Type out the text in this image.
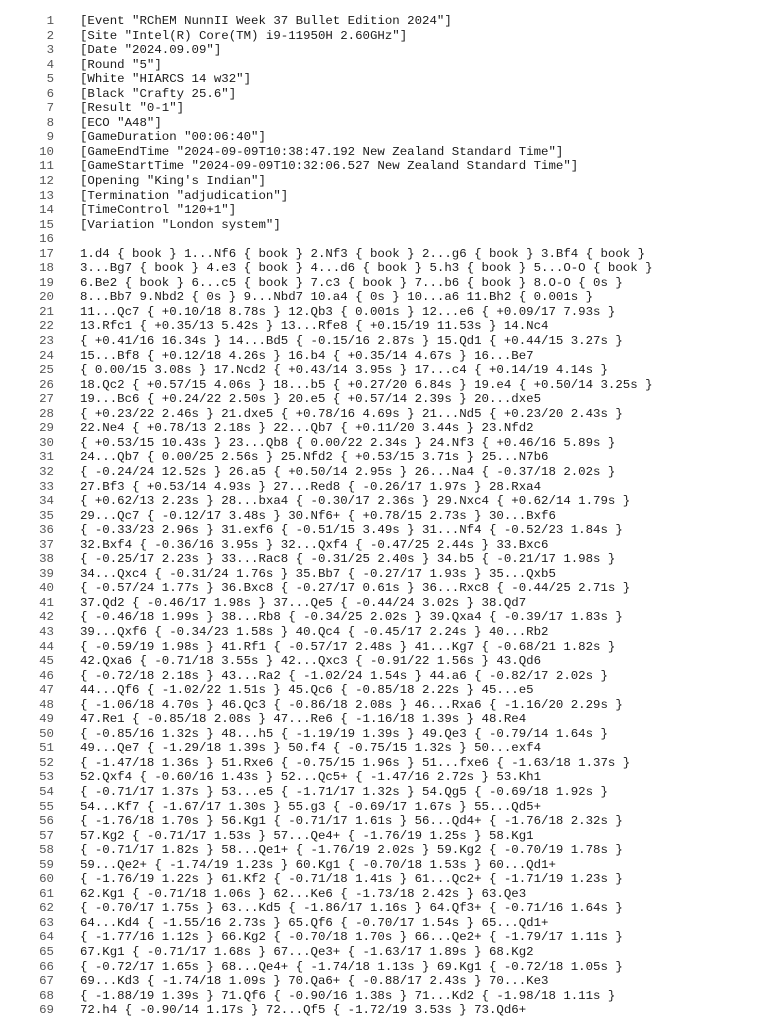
1	[Event "RChEM NunnII Week 37 Bullet Edition 2024"]
2	[Site "Intel(R) Core(TM) i9-11950H 2.60GHz"]
3	[Date "2024.09.09"]
4	[Round "5"]
5	[White "HIARCS 14 w32"]
6	[Black "Crafty 25.6"]
7	[Result "0-1"]
8	[ECO "A48"]
9	[GameDuration "00:06:40"]
10	[GameEndTime "2024-09-09T10:38:47.192 New Zealand Standard Time"]
11	[GameStartTime "2024-09-09T10:32:06.527 New Zealand Standard Time"]
12	[Opening "King's Indian"]
13	[Termination "adjudication"]
14	[TimeControl "120+1"]
15	[Variation "London system"]
16
17	1.d4 { book } 1...Nf6 { book } 2.Nf3 { book } 2...g6 { book } 3.Bf4 { book }
18	3...Bg7 { book } 4.e3 { book } 4...d6 { book } 5.h3 { book } 5...O-O { book }
19	6.Be2 { book } 6...c5 { book } 7.c3 { book } 7...b6 { book } 8.O-O { 0s }
20	8...Bb7 9.Nbd2 { 0s } 9...Nbd7 10.a4 { 0s } 10...a6 11.Bh2 { 0.001s }
21	11...Qc7 { +0.10/18 8.78s } 12.Qb3 { 0.001s } 12...e6 { +0.09/17 7.93s }
22	13.Rfc1 { +0.35/13 5.42s } 13...Rfe8 { +0.15/19 11.53s } 14.Nc4
23	{ +0.41/16 16.34s } 14...Bd5 { -0.15/16 2.87s } 15.Qd1 { +0.44/15 3.27s }
24	15...Bf8 { +0.12/18 4.26s } 16.b4 { +0.35/14 4.67s } 16...Be7
25	{ 0.00/15 3.08s } 17.Ncd2 { +0.43/14 3.95s } 17...c4 { +0.14/19 4.14s }
26	18.Qc2 { +0.57/15 4.06s } 18...b5 { +0.27/20 6.84s } 19.e4 { +0.50/14 3.25s }
27	19...Bc6 { +0.24/22 2.50s } 20.e5 { +0.57/14 2.39s } 20...dxe5
28	{ +0.23/22 2.46s } 21.dxe5 { +0.78/16 4.69s } 21...Nd5 { +0.23/20 2.43s }
29	22.Ne4 { +0.78/13 2.18s } 22...Qb7 { +0.11/20 3.44s } 23.Nfd2
30	{ +0.53/15 10.43s } 23...Qb8 { 0.00/22 2.34s } 24.Nf3 { +0.46/16 5.89s }
31	24...Qb7 { 0.00/25 2.56s } 25.Nfd2 { +0.53/15 3.71s } 25...N7b6
32	{ -0.24/24 12.52s } 26.a5 { +0.50/14 2.95s } 26...Na4 { -0.37/18 2.02s }
33	27.Bf3 { +0.53/14 4.93s } 27...Red8 { -0.26/17 1.97s } 28.Rxa4
34	{ +0.62/13 2.23s } 28...bxa4 { -0.30/17 2.36s } 29.Nxc4 { +0.62/14 1.79s }
35	29...Qc7 { -0.12/17 3.48s } 30.Nf6+ { +0.78/15 2.73s } 30...Bxf6
36	{ -0.33/23 2.96s } 31.exf6 { -0.51/15 3.49s } 31...Nf4 { -0.52/23 1.84s }
37	32.Bxf4 { -0.36/16 3.95s } 32...Qxf4 { -0.47/25 2.44s } 33.Bxc6
38	{ -0.25/17 2.23s } 33...Rac8 { -0.31/25 2.40s } 34.b5 { -0.21/17 1.98s }
39	34...Qxc4 { -0.31/24 1.76s } 35.Bb7 { -0.27/17 1.93s } 35...Qxb5
40	{ -0.57/24 1.77s } 36.Bxc8 { -0.27/17 0.61s } 36...Rxc8 { -0.44/25 2.71s }
41	37.Qd2 { -0.46/17 1.98s } 37...Qe5 { -0.44/24 3.02s } 38.Qd7
42	{ -0.46/18 1.99s } 38...Rb8 { -0.34/25 2.02s } 39.Qxa4 { -0.39/17 1.83s }
43	39...Qxf6 { -0.34/23 1.58s } 40.Qc4 { -0.45/17 2.24s } 40...Rb2
44	{ -0.59/19 1.98s } 41.Rf1 { -0.57/17 2.48s } 41...Kg7 { -0.68/21 1.82s }
45	42.Qxa6 { -0.71/18 3.55s } 42...Qxc3 { -0.91/22 1.56s } 43.Qd6
46	{ -0.72/18 2.18s } 43...Ra2 { -1.02/24 1.54s } 44.a6 { -0.82/17 2.02s }
47	44...Qf6 { -1.02/22 1.51s } 45.Qc6 { -0.85/18 2.22s } 45...e5
48	{ -1.06/18 4.70s } 46.Qc3 { -0.86/18 2.08s } 46...Rxa6 { -1.16/20 2.29s }
49	47.Re1 { -0.85/18 2.08s } 47...Re6 { -1.16/18 1.39s } 48.Re4
50	{ -0.85/16 1.32s } 48...h5 { -1.19/19 1.39s } 49.Qe3 { -0.79/14 1.64s }
51	49...Qe7 { -1.29/18 1.39s } 50.f4 { -0.75/15 1.32s } 50...exf4
52	{ -1.47/18 1.36s } 51.Rxe6 { -0.75/15 1.96s } 51...fxe6 { -1.63/18 1.37s }
53	52.Qxf4 { -0.60/16 1.43s } 52...Qc5+ { -1.47/16 2.72s } 53.Kh1
54	{ -0.71/17 1.37s } 53...e5 { -1.71/17 1.32s } 54.Qg5 { -0.69/18 1.92s }
55	54...Kf7 { -1.67/17 1.30s } 55.g3 { -0.69/17 1.67s } 55...Qd5+
56	{ -1.76/18 1.70s } 56.Kg1 { -0.71/17 1.61s } 56...Qd4+ { -1.76/18 2.32s }
57	57.Kg2 { -0.71/17 1.53s } 57...Qe4+ { -1.76/19 1.25s } 58.Kg1
58	{ -0.71/17 1.82s } 58...Qe1+ { -1.76/19 2.02s } 59.Kg2 { -0.70/19 1.78s }
59	59...Qe2+ { -1.74/19 1.23s } 60.Kg1 { -0.70/18 1.53s } 60...Qd1+
60	{ -1.76/19 1.22s } 61.Kf2 { -0.71/18 1.41s } 61...Qc2+ { -1.71/19 1.23s }
61	62.Kg1 { -0.71/18 1.06s } 62...Ke6 { -1.73/18 2.42s } 63.Qe3
62	{ -0.70/17 1.75s } 63...Kd5 { -1.86/17 1.16s } 64.Qf3+ { -0.71/16 1.64s }
63	64...Kd4 { -1.55/16 2.73s } 65.Qf6 { -0.70/17 1.54s } 65...Qd1+
64	{ -1.77/16 1.12s } 66.Kg2 { -0.70/18 1.70s } 66...Qe2+ { -1.79/17 1.11s }
65	67.Kg1 { -0.71/17 1.68s } 67...Qe3+ { -1.63/17 1.89s } 68.Kg2
66	{ -0.72/17 1.65s } 68...Qe4+ { -1.74/18 1.13s } 69.Kg1 { -0.72/18 1.05s }
67	69...Kd3 { -1.74/18 1.09s } 70.Qa6+ { -0.88/17 2.43s } 70...Ke3
68	{ -1.88/19 1.39s } 71.Qf6 { -0.90/16 1.38s } 71...Kd2 { -1.98/18 1.11s }
69	72.h4 { -0.90/14 1.17s } 72...Qf5 { -1.72/19 3.53s } 73.Qd6+
